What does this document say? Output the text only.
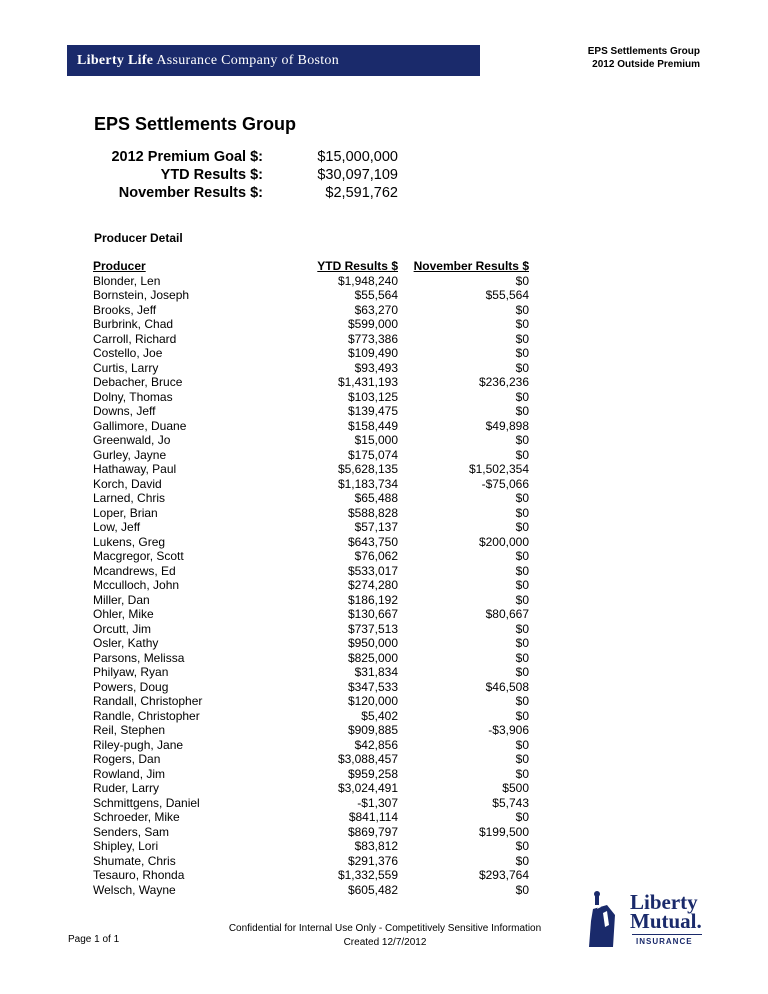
Liberty Life Assurance Company of Boston
EPS Settlements Group
2012 Outside Premium
EPS Settlements Group
2012 Premium Goal $:	$15,000,000
YTD Results $:	$30,097,109
November Results $:	$2,591,762
Producer Detail
Producer	YTD Results $	November Results $
Blonder, Len	$1,948,240	$0
Bornstein, Joseph	$55,564	$55,564
Brooks, Jeff	$63,270	$0
Burbrink, Chad	$599,000	$0
Carroll, Richard	$773,386	$0
Costello, Joe	$109,490	$0
Curtis, Larry	$93,493	$0
Debacher, Bruce	$1,431,193	$236,236
Dolny, Thomas	$103,125	$0
Downs, Jeff	$139,475	$0
Gallimore, Duane	$158,449	$49,898
Greenwald, Jo	$15,000	$0
Gurley, Jayne	$175,074	$0
Hathaway, Paul	$5,628,135	$1,502,354
Korch, David	$1,183,734	-$75,066
Larned, Chris	$65,488	$0
Loper, Brian	$588,828	$0
Low, Jeff	$57,137	$0
Lukens, Greg	$643,750	$200,000
Macgregor, Scott	$76,062	$0
Mcandrews, Ed	$533,017	$0
Mcculloch, John	$274,280	$0
Miller, Dan	$186,192	$0
Ohler, Mike	$130,667	$80,667
Orcutt, Jim	$737,513	$0
Osler, Kathy	$950,000	$0
Parsons, Melissa	$825,000	$0
Philyaw, Ryan	$31,834	$0
Powers, Doug	$347,533	$46,508
Randall, Christopher	$120,000	$0
Randle, Christopher	$5,402	$0
Reil, Stephen	$909,885	-$3,906
Riley-pugh, Jane	$42,856	$0
Rogers, Dan	$3,088,457	$0
Rowland, Jim	$959,258	$0
Ruder, Larry	$3,024,491	$500
Schmittgens, Daniel	-$1,307	$5,743
Schroeder, Mike	$841,114	$0
Senders, Sam	$869,797	$199,500
Shipley, Lori	$83,812	$0
Shumate, Chris	$291,376	$0
Tesauro, Rhonda	$1,332,559	$293,764
Welsch, Wayne	$605,482	$0
Page 1 of 1
Confidential for Internal Use Only - Competitively Sensitive Information
Created 12/7/2012
Liberty
Mutual.
INSURANCE
